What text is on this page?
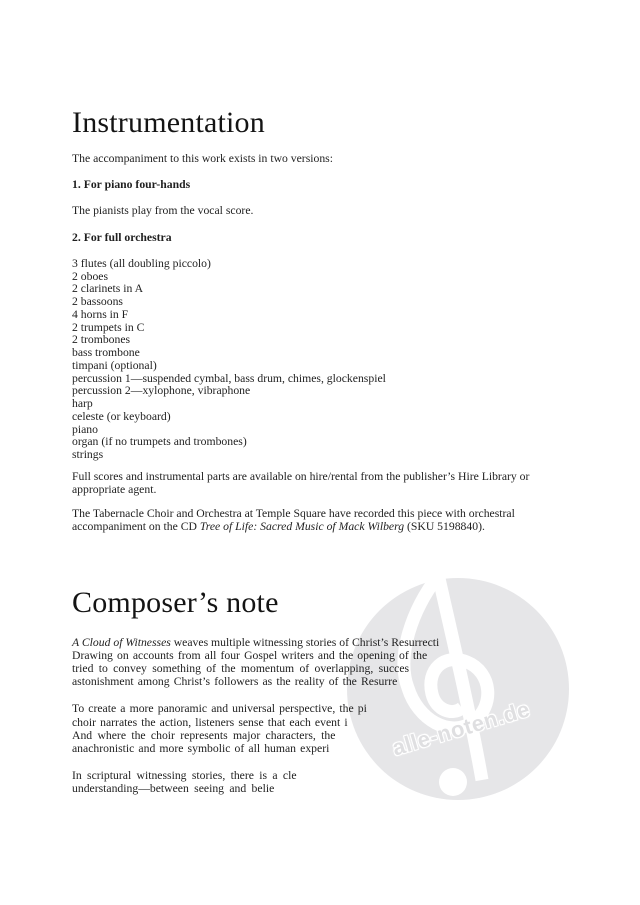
alle-noten.de
Instrumentation
The accompaniment to this work exists in two versions:
1. For piano four-hands
The pianists play from the vocal score.
2. For full orchestra
3 flutes (all doubling piccolo)
2 oboes
2 clarinets in A
2 bassoons
4 horns in F
2 trumpets in C
2 trombones
bass trombone
timpani (optional)
percussion 1—suspended cymbal, bass drum, chimes, glockenspiel
percussion 2—xylophone, vibraphone
harp
celeste (or keyboard)
piano
organ (if no trumpets and trombones)
strings
Full scores and instrumental parts are available on hire/rental from the publisher’s Hire Library or
appropriate agent.
The Tabernacle Choir and Orchestra at Temple Square have recorded this piece with orchestral
accompaniment on the CD Tree of Life: Sacred Music of Mack Wilberg (SKU 5198840).
Composer’s note
A Cloud of Witnesses weaves multiple witnessing stories of Christ’s Resurrecti
Drawing on accounts from all four Gospel writers and the opening of the
tried to convey something of the momentum of overlapping, succes
astonishment among Christ’s followers as the reality of the Resurre
To create a more panoramic and universal perspective, the pi
choir narrates the action, listeners sense that each event i
And where the choir represents major characters, the
anachronistic and more symbolic of all human experi
In scriptural witnessing stories, there is a cle
understanding—between seeing and belie
